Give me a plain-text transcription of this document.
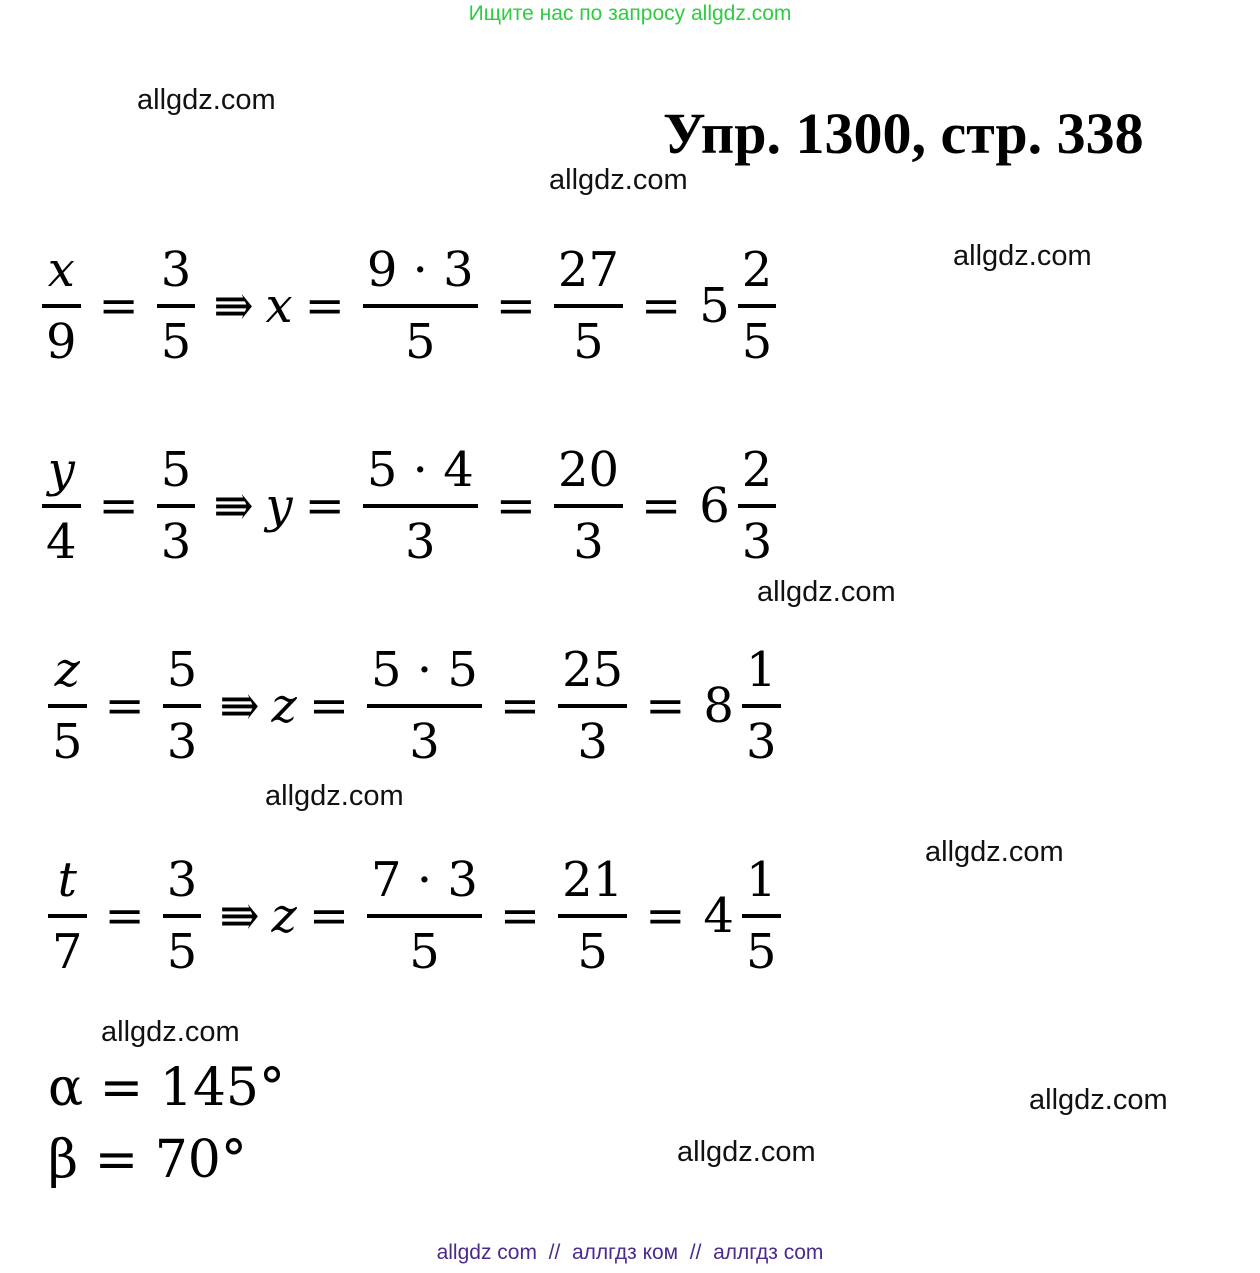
Ищите нас по запросу allgdz.com
allgdz.com
Упр. 1300, стр. 338
allgdz.com
allgdz.com
allgdz.com
allgdz.com
allgdz.com
allgdz.com
allgdz.com
allgdz.com
$\frac{x}{9} = \frac{3}{5}$ ⇛ $x = \frac{9 \cdot 3}{5} = \frac{27}{5} = 5 \frac{2}{5}$
$\frac{y}{4} = \frac{5}{3}$ ⇛ $y = \frac{5 \cdot 4}{3} = \frac{20}{3} = 6 \frac{2}{3}$
$\frac{z}{5} = \frac{5}{3}$ ⇛ $z = \frac{5 \cdot 5}{3} = \frac{25}{3} = 8 \frac{1}{3}$
$\frac{t}{7} = \frac{3}{5}$ ⇛ $z = \frac{7 \cdot 3}{5} = \frac{21}{5} = 4 \frac{1}{5}$
α = 145°
β = 70°
allgdz com  //  аллгдз ком  //  аллгдз com
